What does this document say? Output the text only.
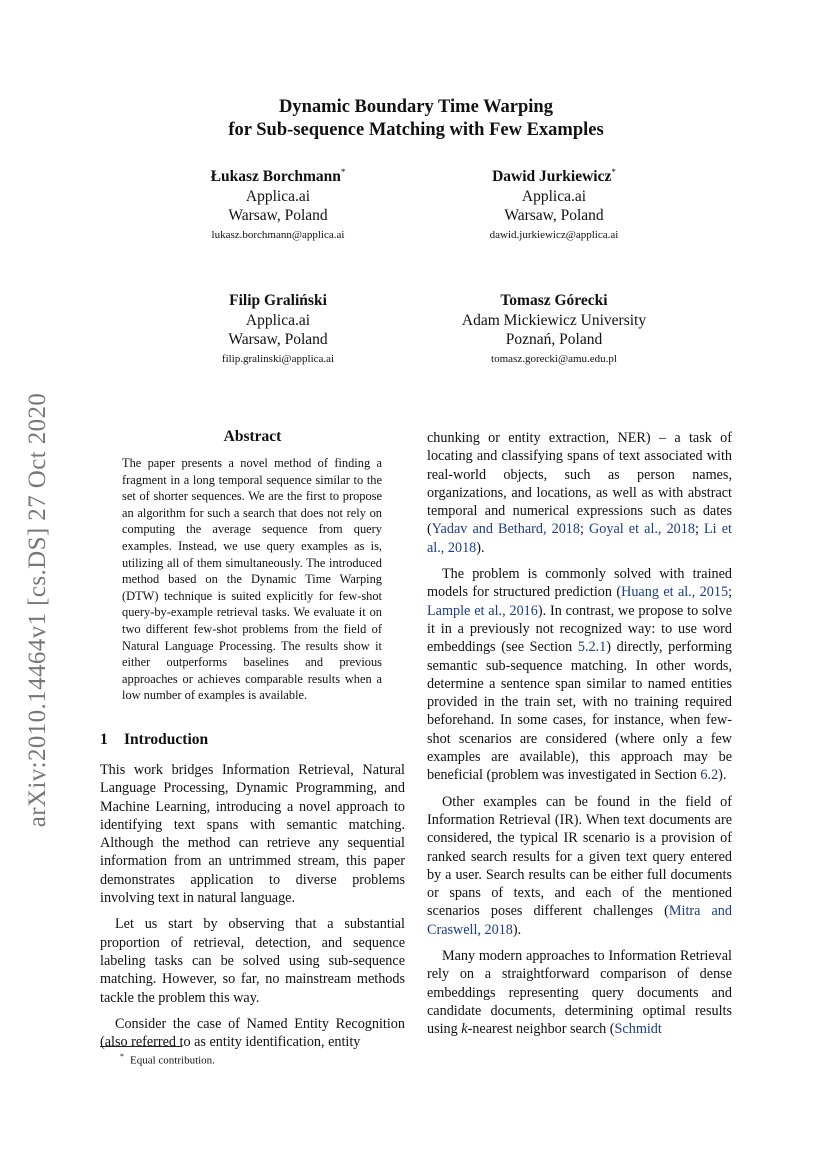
arXiv:2010.14464v1 [cs.DS] 27 Oct 2020
Dynamic Boundary Time Warping
for Sub-sequence Matching with Few Examples
Łukasz Borchmann*
Applica.ai
Warsaw, Poland
lukasz.borchmann@applica.ai
Dawid Jurkiewicz*
Applica.ai
Warsaw, Poland
dawid.jurkiewicz@applica.ai
Filip Graliński
Applica.ai
Warsaw, Poland
filip.gralinski@applica.ai
Tomasz Górecki
Adam Mickiewicz University
Poznań, Poland
tomasz.gorecki@amu.edu.pl
Abstract

The paper presents a novel method of finding a fragment in a long temporal sequence similar to the set of shorter sequences. We are the first to propose an algorithm for such a search that does not rely on computing the average sequence from query examples. Instead, we use query examples as is, utilizing all of them simultaneously. The introduced method based on the Dynamic Time Warping (DTW) technique is suited explicitly for few-shot query-by-example retrieval tasks. We evaluate it on two different few-shot problems from the field of Natural Language Processing. The results show it either outperforms baselines and previous approaches or achieves comparable results when a low number of examples is available.

1 Introduction

This work bridges Information Retrieval, Natural Language Processing, Dynamic Programming, and Machine Learning, introducing a novel approach to identifying text spans with semantic matching. Although the method can retrieve any sequential information from an untrimmed stream, this paper demonstrates application to diverse problems involving text in natural language.

Let us start by observing that a substantial proportion of retrieval, detection, and sequence labeling tasks can be solved using sub-sequence matching. However, so far, no mainstream methods tackle the problem this way.

Consider the case of Named Entity Recognition (also referred to as entity identification, entity

chunking or entity extraction, NER) – a task of locating and classifying spans of text associated with real-world objects, such as person names, organizations, and locations, as well as with abstract temporal and numerical expressions such as dates (Yadav and Bethard, 2018; Goyal et al., 2018; Li et al., 2018).

The problem is commonly solved with trained models for structured prediction (Huang et al., 2015; Lample et al., 2016). In contrast, we propose to solve it in a previously not recognized way: to use word embeddings (see Section 5.2.1) directly, performing semantic sub-sequence matching. In other words, determine a sentence span similar to named entities provided in the train set, with no training required beforehand. In some cases, for instance, when few-shot scenarios are considered (where only a few examples are available), this approach may be beneficial (problem was investigated in Section 6.2).

Other examples can be found in the field of Information Retrieval (IR). When text documents are considered, the typical IR scenario is a provision of ranked search results for a given text query entered by a user. Search results can be either full documents or spans of texts, and each of the mentioned scenarios poses different challenges (Mitra and Craswell, 2018).

Many modern approaches to Information Retrieval rely on a straightforward comparison of dense embeddings representing query documents and candidate documents, determining optimal results using k-nearest neighbor search (Schmidt

* Equal contribution.
